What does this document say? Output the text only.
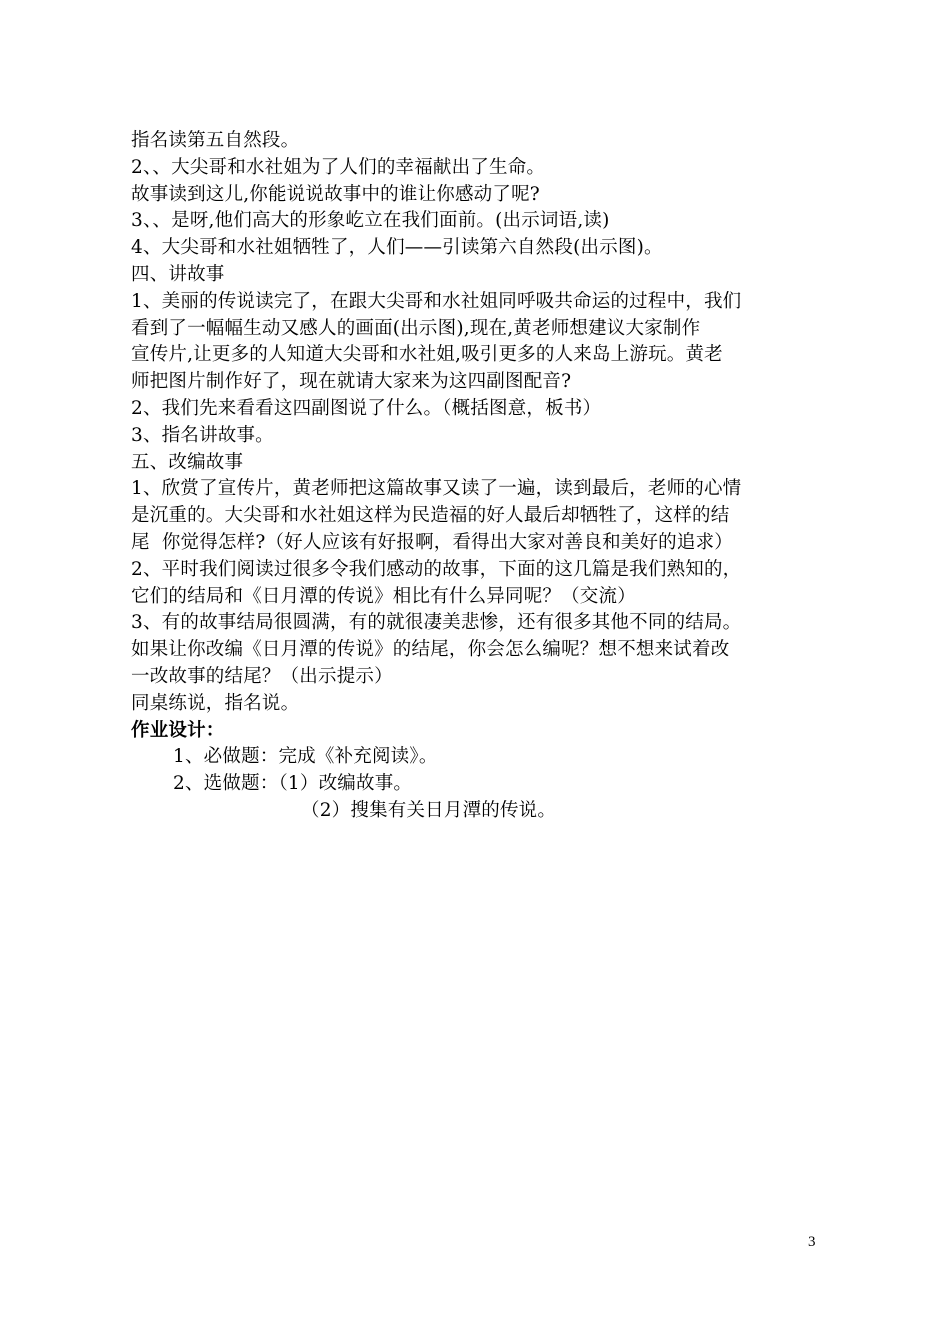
指名读第五自然段。
2、、大尖哥和水社姐为了人们的幸福献出了生命。
故事读到这儿,你能说说故事中的谁让你感动了呢?
3、、是呀,他们高大的形象屹立在我们面前。(出示词语,读)
4、大尖哥和水社姐牺牲了，人们——引读第六自然段(出示图)。
四、讲故事
1、美丽的传说读完了，在跟大尖哥和水社姐同呼吸共命运的过程中，我们
看到了一幅幅生动又感人的画面(出示图),现在,黄老师想建议大家制作
宣传片,让更多的人知道大尖哥和水社姐,吸引更多的人来岛上游玩。黄老
师把图片制作好了，现在就请大家来为这四副图配音?
2、我们先来看看这四副图说了什么。（概括图意，板书）
3、指名讲故事。
五、改编故事
1、欣赏了宣传片，黄老师把这篇故事又读了一遍，读到最后，老师的心情
是沉重的。大尖哥和水社姐这样为民造福的好人最后却牺牲了，这样的结
尾  你觉得怎样?（好人应该有好报啊，看得出大家对善良和美好的追求）
2、平时我们阅读过很多令我们感动的故事，下面的这几篇是我们熟知的，
它们的结局和《日月潭的传说》相比有什么异同呢？（交流）
3、有的故事结局很圆满，有的就很凄美悲惨，还有很多其他不同的结局。
如果让你改编《日月潭的传说》的结尾，你会怎么编呢？想不想来试着改
一改故事的结尾？（出示提示）
同桌练说，指名说。
作业设计：
1、必做题：完成《补充阅读》。
2、选做题：（1）改编故事。
（2）搜集有关日月潭的传说。
3
